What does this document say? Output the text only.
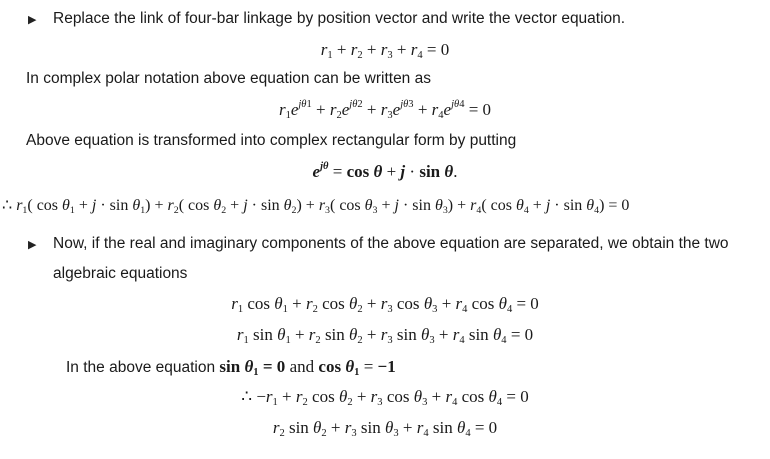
▶ Replace the link of four-bar linkage by position vector and write the vector equation.
$r_1 + r_2 + r_3 + r_4 = 0$
In complex polar notation above equation can be written as
$r_1e^{j\theta 1} + r_2e^{j\theta 2} + r_3e^{j\theta 3} + r_4e^{j\theta 4} = 0$
Above equation is transformed into complex rectangular form by putting
$e^{j\theta} = \cos \theta + j \cdot \sin \theta$.
∴ $r_1$( $\cos \theta_1 + j \cdot \sin \theta_1) + r_2$( $\cos \theta_2 + j \cdot \sin \theta_2) + r_3$( $\cos \theta_3 + j \cdot \sin \theta_3) + r_4$( $\cos \theta_4 + j \cdot \sin \theta_4) = 0$
▶ Now, if the real and imaginary components of the above equation are separated, we obtain the two
algebraic equations
$r_1$ $\cos \theta_1 + r_2$ $\cos \theta_2 + r_3$ $\cos \theta_3 + r_4$ $\cos \theta_4 = 0$
$r_1$ $\sin \theta_1 + r_2$ $\sin \theta_2 + r_3$ $\sin \theta_3 + r_4$ $\sin \theta_4 = 0$
In the above equation $\sin \theta_1 = 0$ and $\cos \theta_1 = -1$
∴ $-r_1 + r_2$ $\cos \theta_2 + r_3$ $\cos \theta_3 + r_4$ $\cos \theta_4 = 0$
$r_2$ $\sin \theta_2 + r_3$ $\sin \theta_3 + r_4$ $\sin \theta_4 = 0$
